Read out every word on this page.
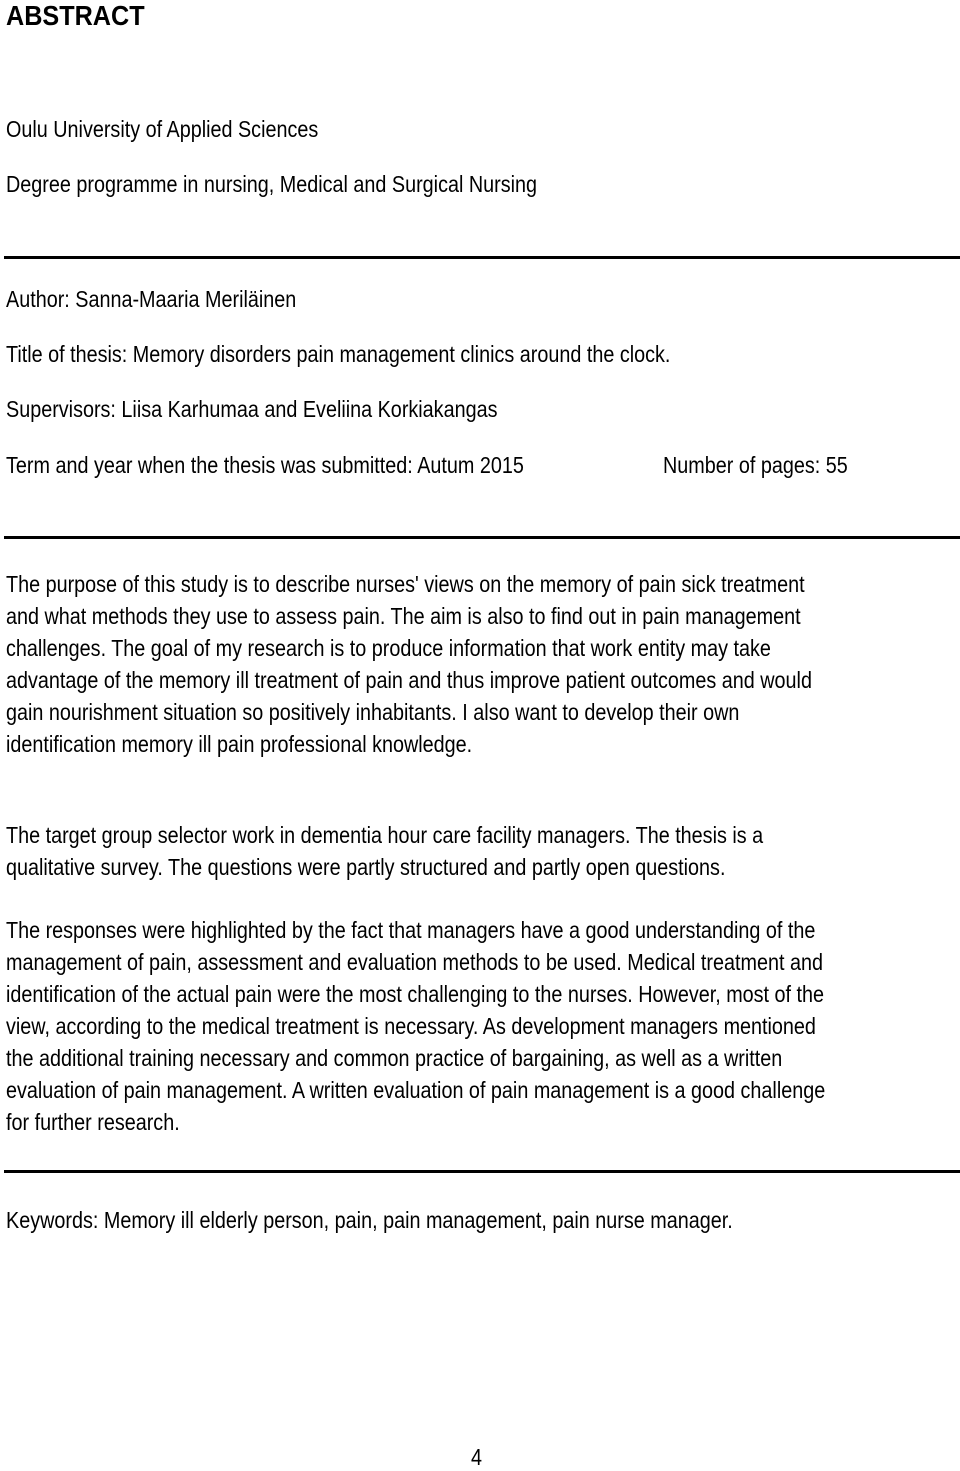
ABSTRACT
Oulu University of Applied Sciences
Degree programme in nursing, Medical and Surgical Nursing
Author: Sanna-Maaria Meriläinen
Title of thesis: Memory disorders pain management clinics around the clock.
Supervisors: Liisa Karhumaa and Eveliina Korkiakangas
Term and year when the thesis was submitted: Autum 2015	Number of pages: 55
The purpose of this study is to describe nurses' views on the memory of pain sick treatment
and what methods they use to assess pain. The aim is also to find out in pain management
challenges. The goal of my research is to produce information that work entity may take
advantage of the memory ill treatment of pain and thus improve patient outcomes and would
gain nourishment situation so positively inhabitants. I also want to develop their own
identification memory ill pain professional knowledge.
The target group selector work in dementia hour care facility managers. The thesis is a
qualitative survey. The questions were partly structured and partly open questions.
The responses were highlighted by the fact that managers have a good understanding of the
management of pain, assessment and evaluation methods to be used. Medical treatment and
identification of the actual pain were the most challenging to the nurses. However, most of the
view, according to the medical treatment is necessary. As development managers mentioned
the additional training necessary and common practice of bargaining, as well as a written
evaluation of pain management. A written evaluation of pain management is a good challenge
for further research.
Keywords: Memory ill elderly person, pain, pain management, pain nurse manager.
4
